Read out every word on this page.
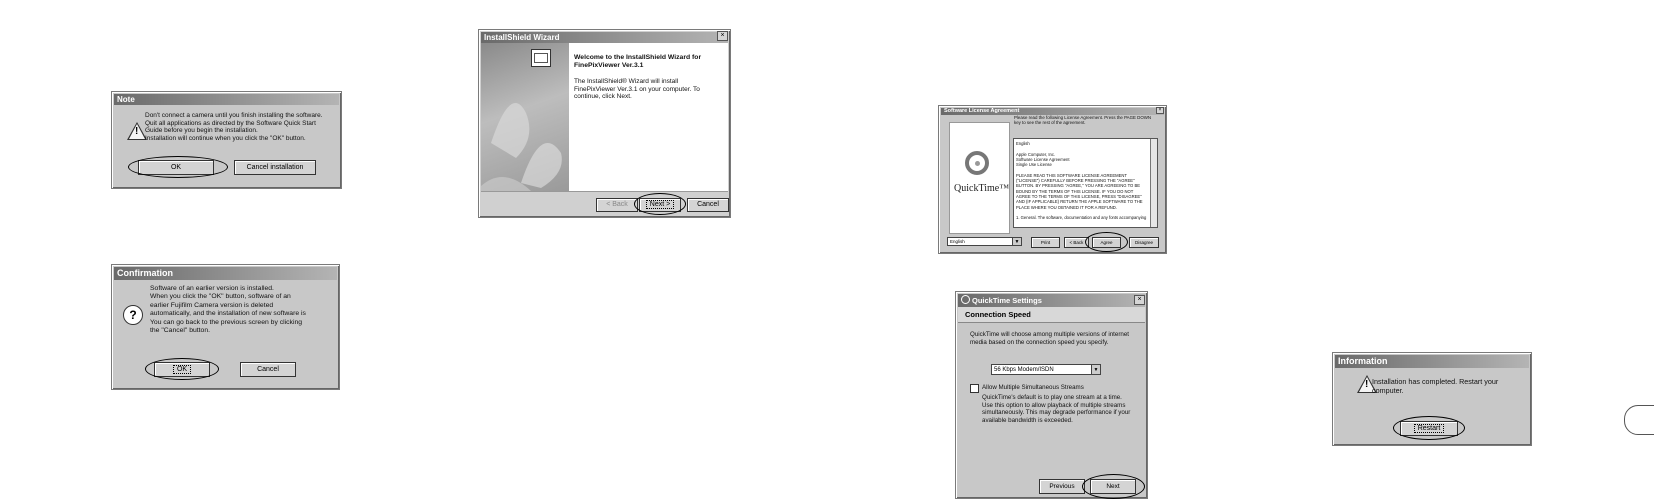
Note
!
Don't connect a camera until you finish installing the software.
Quit all applications as directed by the Software Quick Start
Guide before you begin the installation.
Installation will continue when you click the "OK" button.
OK	Cancel installation
Confirmation
?
Software of an earlier version is installed.
When you click the "OK" button, software of an
earlier Fujifilm Camera version is deleted
automatically, and the installation of new software is
You can go back to the previous screen by clicking
the "Cancel" button.
OK	Cancel
InstallShield Wizard	×
Welcome to the InstallShield Wizard for FinePixViewer Ver.3.1
The InstallShield® Wizard will install FinePixViewer Ver.3.1 on your computer. To continue, click Next.
< Back	Next >	Cancel
Software License Agreement	×
QuickTime™
Please read the following License Agreement. Press the PAGE DOWN key to see the rest of the agreement.
English

Apple Computer, Inc.
Software License Agreement
Single Use License

PLEASE READ THIS SOFTWARE LICENSE AGREEMENT
("LICENSE") CAREFULLY BEFORE PRESSING THE "AGREE"
BUTTON. BY PRESSING "AGREE," YOU ARE AGREEING TO BE
BOUND BY THE TERMS OF THIS LICENSE. IF YOU DO NOT
AGREE TO THE TERMS OF THIS LICENSE, PRESS "DISAGREE"
AND (IF APPLICABLE) RETURN THE APPLE SOFTWARE TO THE
PLACE WHERE YOU OBTAINED IT FOR A REFUND.

1. General. The software, documentation and any fonts accompanying
English	▼	Print	< Back	Agree	Disagree
QuickTime Settings	×
Connection Speed
QuickTime will choose among multiple versions of internet
media based on the connection speed you specify.
56 Kbps Modem/ISDN	▼
Allow Multiple Simultaneous Streams
QuickTime's default is to play one stream at a time.
Use this option to allow playback of multiple streams
simultaneously. This may degrade performance if your
available bandwidth is exceeded.
Previous	Next
Information
! Installation has completed. Restart your
computer.
Restart
